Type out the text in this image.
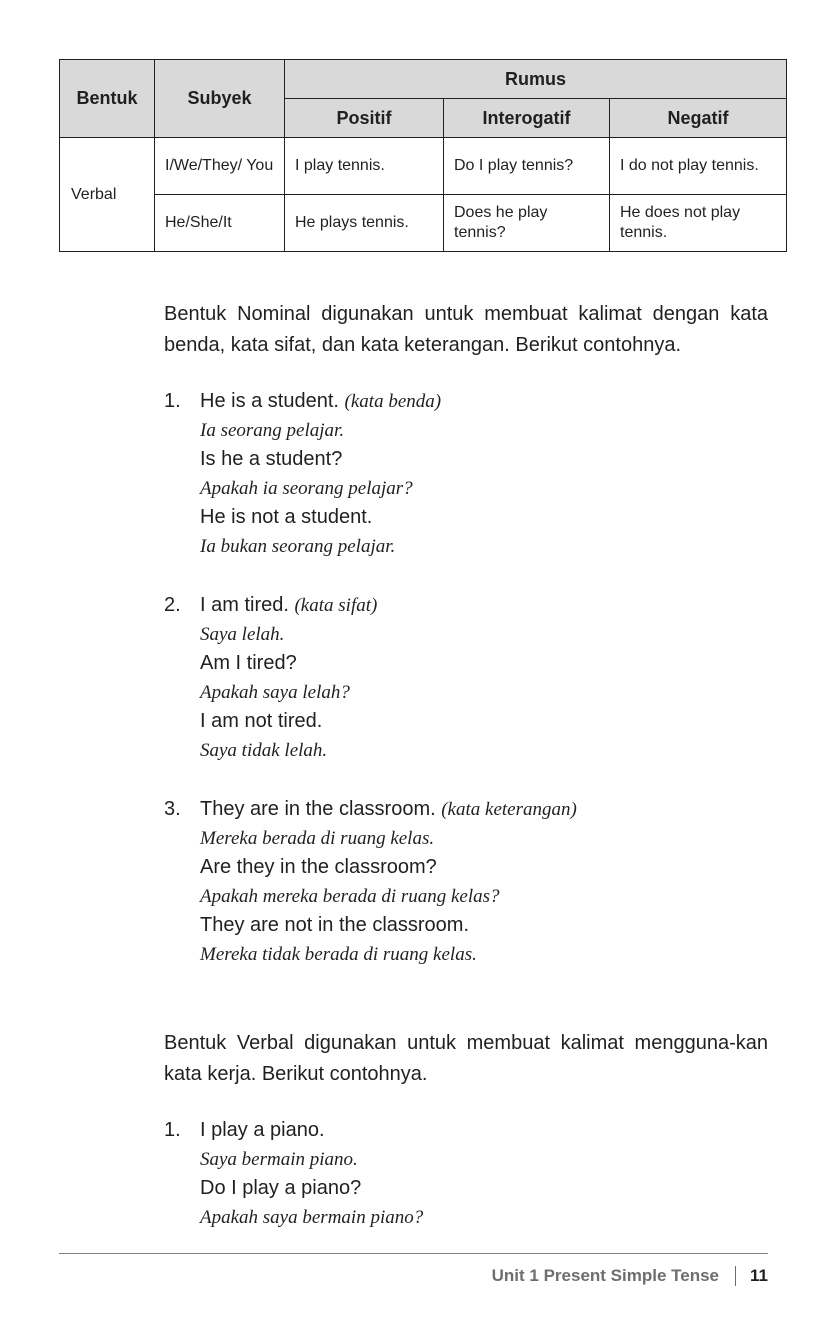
Bentuk	Subyek	Rumus		
		Positif	Interogatif	Negatif
Verbal	I/We/They/ You	I play tennis.	Do I play tennis?	I do not play tennis.
	He/She/It	He plays tennis.	Does he play tennis?	He does not play tennis.

Bentuk Nominal digunakan untuk membuat kalimat dengan kata benda, kata sifat, dan kata keterangan. Berikut contohnya.

1. He is a student. (kata benda)
Ia seorang pelajar.
Is he a student?
Apakah ia seorang pelajar?
He is not a student.
Ia bukan seorang pelajar.
2. I am tired. (kata sifat)
Saya lelah.
Am I tired?
Apakah saya lelah?
I am not tired.
Saya tidak lelah.
3. They are in the classroom. (kata keterangan)
Mereka berada di ruang kelas.
Are they in the classroom?
Apakah mereka berada di ruang kelas?
They are not in the classroom.
Mereka tidak berada di ruang kelas.

Bentuk Verbal digunakan untuk membuat kalimat mengguna-kan kata kerja. Berikut contohnya.

1. I play a piano.
Saya bermain piano.
Do I play a piano?
Apakah saya bermain piano?
Unit 1 Present Simple Tense 11
